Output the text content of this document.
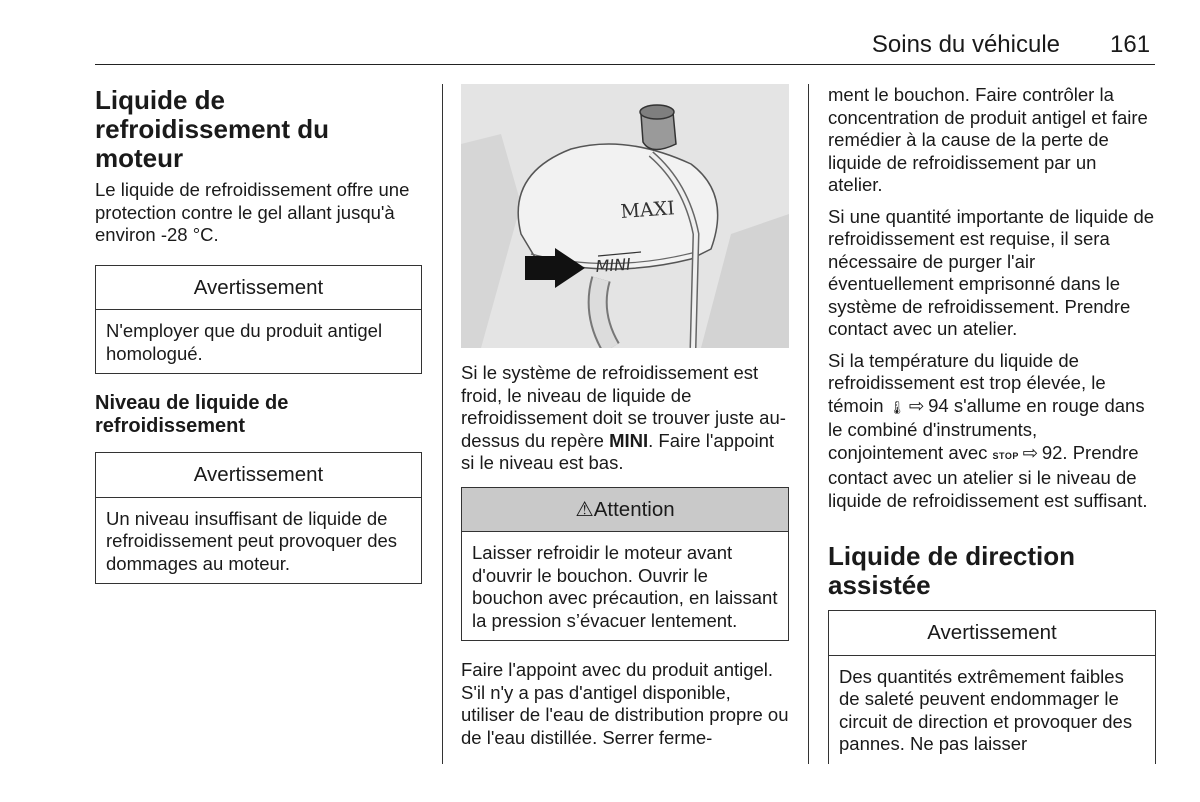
Soins du véhicule 161
Liquide de refroidissement du moteur

Le liquide de refroidissement offre une protection contre le gel allant jusqu'à environ -28 °C.

Avertissement
N'employer que du produit antigel homologué.
Niveau de liquide de refroidissement
Avertissement
Un niveau insuffisant de liquide de refroidissement peut provoquer des dommages au moteur.
MAXI
MINI

Si le système de refroidissement est froid, le niveau de liquide de refroidissement doit se trouver juste au-dessus du repère MINI. Faire l'appoint si le niveau est bas.

⚠Attention
Laisser refroidir le moteur avant d'ouvrir le bouchon. Ouvrir le bouchon avec précaution, en laissant la pression s’évacuer lentement.

Faire l'appoint avec du produit antigel. S'il n'y a pas d'antigel disponible, utiliser de l'eau de distribution propre ou de l'eau distillée. Serrer ferme-

ment le bouchon. Faire contrôler la concentration de produit antigel et faire remédier à la cause de la perte de liquide de refroidissement par un atelier.

Si une quantité importante de liquide de refroidissement est requise, il sera nécessaire de purger l'air éventuellement emprisonné dans le système de refroidissement. Prendre contact avec un atelier.

Si la température du liquide de refroidissement est trop élevée, le témoin 🌡  ⇨  94 s'allume en rouge dans le combiné d'instruments, conjointement avec STOP  ⇨  92. Prendre contact avec un atelier si le niveau de liquide de refroidissement est suffisant.

Liquide de direction assistée
Avertissement
Des quantités extrêmement faibles de saleté peuvent endommager le circuit de direction et provoquer des pannes. Ne pas laisser
